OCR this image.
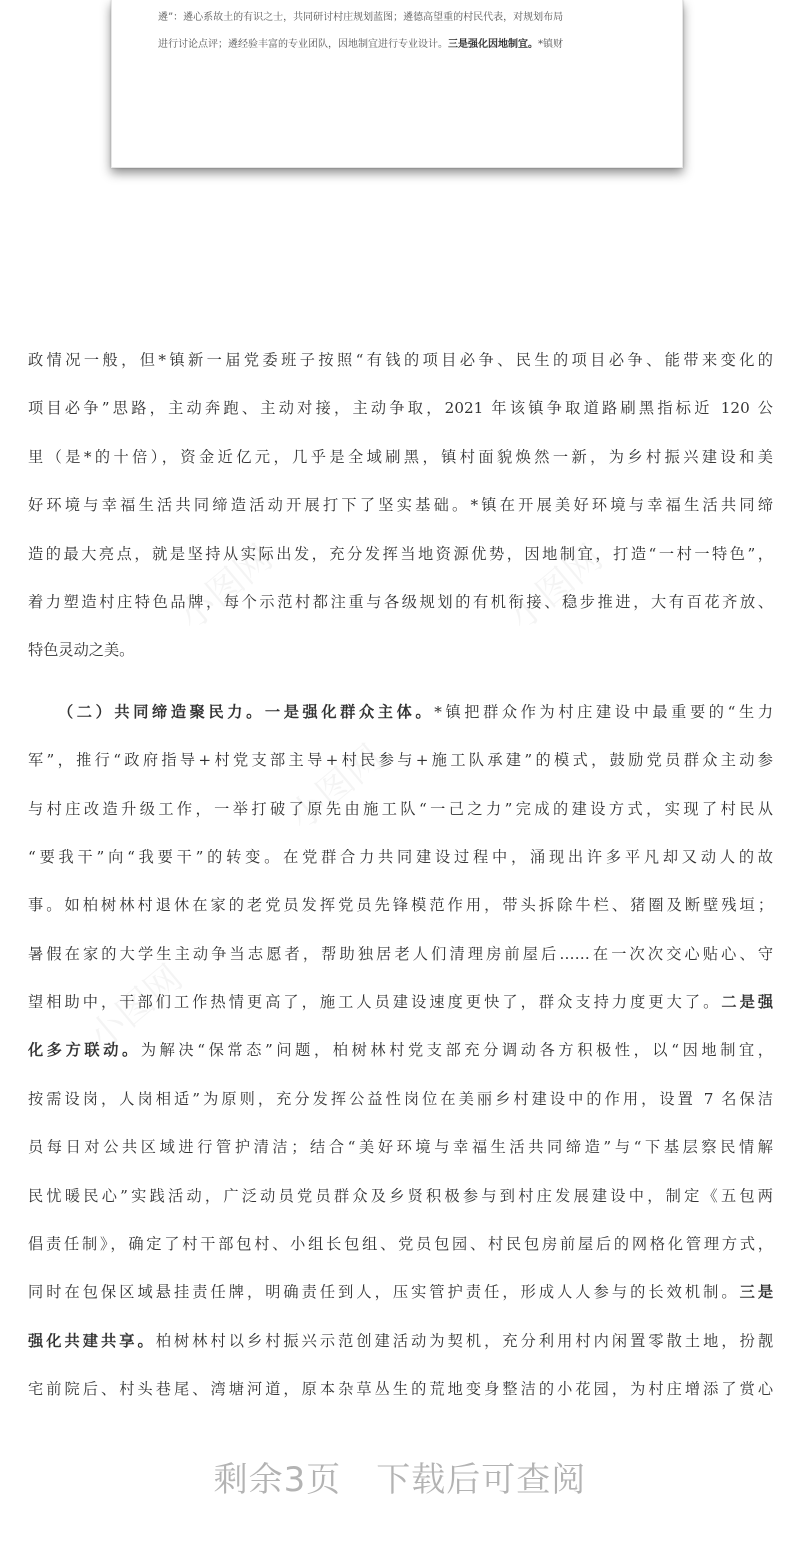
遴”：遴心系故土的有识之士，共同研讨村庄规划蓝图；遴德高望重的村民代表，对规划布局
进行讨论点评；遴经验丰富的专业团队，因地制宜进行专业设计。三是强化因地制宜。*镇财
政情况一般，但*镇新一届党委班子按照“有钱的项目必争、民生的项目必争、能带来变化的
项目必争”思路，主动奔跑、主动对接，主动争取，2021 年该镇争取道路刷黑指标近 120 公
里（是*的十倍），资金近亿元，几乎是全域刷黑，镇村面貌焕然一新，为乡村振兴建设和美
好环境与幸福生活共同缔造活动开展打下了坚实基础。*镇在开展美好环境与幸福生活共同缔
造的最大亮点，就是坚持从实际出发，充分发挥当地资源优势，因地制宜，打造“一村一特色”，
着力塑造村庄特色品牌，每个示范村都注重与各级规划的有机衔接、稳步推进，大有百花齐放、
特色灵动之美。
（二）共同缔造聚民力。一是强化群众主体。*镇把群众作为村庄建设中最重要的“生力
军”，推行“政府指导+村党支部主导+村民参与+施工队承建”的模式，鼓励党员群众主动参
与村庄改造升级工作，一举打破了原先由施工队“一己之力”完成的建设方式，实现了村民从
“要我干”向“我要干”的转变。在党群合力共同建设过程中，涌现出许多平凡却又动人的故
事。如柏树林村退休在家的老党员发挥党员先锋模范作用，带头拆除牛栏、猪圈及断壁残垣；
暑假在家的大学生主动争当志愿者，帮助独居老人们清理房前屋后……在一次次交心贴心、守
望相助中，干部们工作热情更高了，施工人员建设速度更快了，群众支持力度更大了。二是强
化多方联动。为解决“保常态”问题，柏树林村党支部充分调动各方积极性，以“因地制宜，
按需设岗，人岗相适”为原则，充分发挥公益性岗位在美丽乡村建设中的作用，设置 7 名保洁
员每日对公共区域进行管护清洁；结合“美好环境与幸福生活共同缔造”与“下基层察民情解
民忧暖民心”实践活动，广泛动员党员群众及乡贤积极参与到村庄发展建设中，制定《五包两
倡责任制》，确定了村干部包村、小组长包组、党员包园、村民包房前屋后的网格化管理方式，
同时在包保区域悬挂责任牌，明确责任到人，压实管护责任，形成人人参与的长效机制。三是
强化共建共享。柏树林村以乡村振兴示范创建活动为契机，充分利用村内闲置零散土地，扮靓
宅前院后、村头巷尾、湾塘河道，原本杂草丛生的荒地变身整洁的小花园，为村庄增添了赏心
剩余3页　下载后可查阅
